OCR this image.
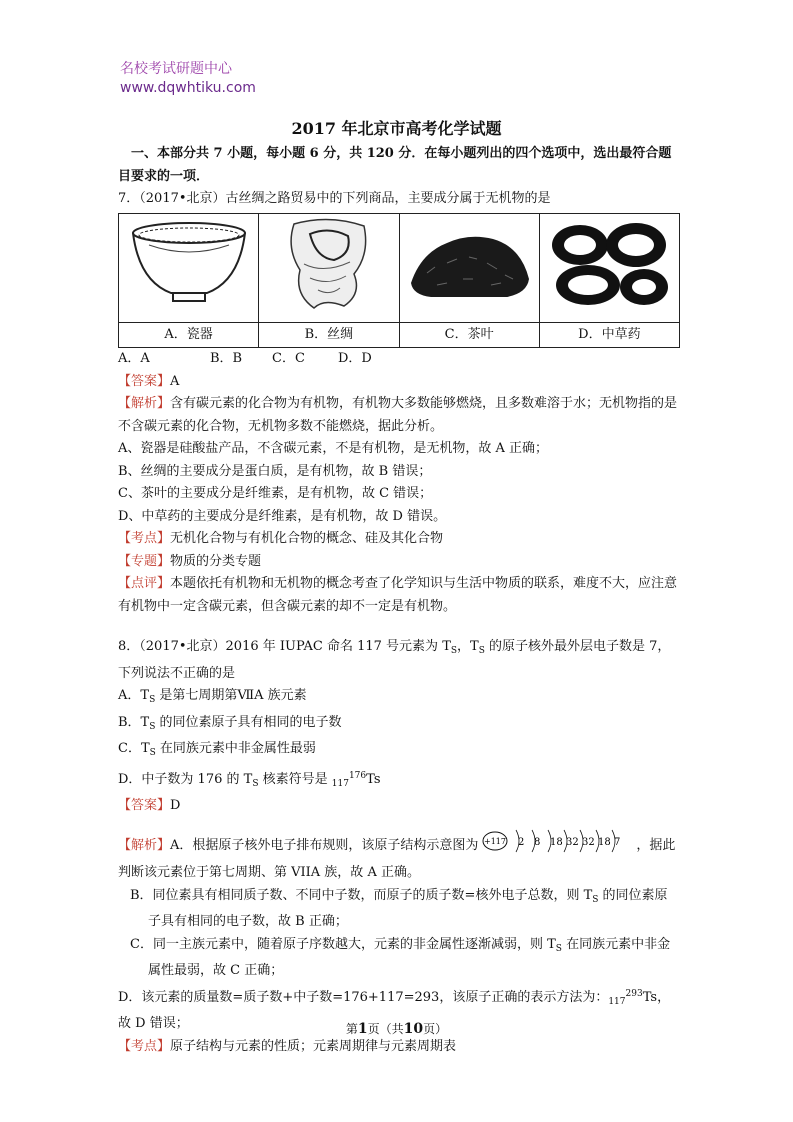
名校考试研题中心
www.dqwhtiku.com
2017 年北京市高考化学试题

一、本部分共 7 小题，每小题 6 分，共 120 分．在每小题列出的四个选项中，选出最符合题目要求的一项．

7．（2017•北京）古丝绸之路贸易中的下列商品，主要成分属于无机物的是

A．瓷器	B．丝绸	C．茶叶	D．中草药

A．A	B．B C．C	D．D

【答案】A

【解析】含有碳元素的化合物为有机物，有机物大多数能够燃烧，且多数难溶于水；无机物指的是不含碳元素的化合物，无机物多数不能燃烧，据此分析。

A、瓷器是硅酸盐产品，不含碳元素，不是有机物，是无机物，故 A 正确；

B、丝绸的主要成分是蛋白质，是有机物，故 B 错误；

C、茶叶的主要成分是纤维素，是有机物，故 C 错误；

D、中草药的主要成分是纤维素，是有机物，故 D 错误。

【考点】无机化合物与有机化合物的概念、硅及其化合物

【专题】物质的分类专题

【点评】本题依托有机物和无机物的概念考查了化学知识与生活中物质的联系，难度不大，应注意有机物中一定含碳元素，但含碳元素的却不一定是有机物。

8．（2017•北京）2016 年 IUPAC 命名 117 号元素为 $T_S$，$T_S$ 的原子核外最外层电子数是 7，下列说法不正确的是

A．$T_S$ 是第七周期第ⅦA 族元素

B．$T_S$ 的同位素原子具有相同的电子数

C．$T_S$ 在同族元素中非金属性最弱

D．中子数为 176 的 $T_S$ 核素符号是 $_{117}^{176}$Ts

【答案】D

【解析】A．根据原子核外电子排布规则，该原子结构示意图为 +117 2 8 18 32 32 18 7 ，据此判断该元素位于第七周期、第 VIIA 族，故 A 正确。

B．同位素具有相同质子数、不同中子数，而原子的质子数=核外电子总数，则 $T_S$ 的同位素原子具有相同的电子数，故 B 正确；

C．同一主族元素中，随着原子序数越大，元素的非金属性逐渐减弱，则 $T_S$ 在同族元素中非金属性最弱，故 C 正确；

D．该元素的质量数=质子数+中子数=176+117=293，该原子正确的表示方法为：$_{117}^{293}$Ts，故 D 错误；

【考点】原子结构与元素的性质；元素周期律与元素周期表

第1页（共10页）
